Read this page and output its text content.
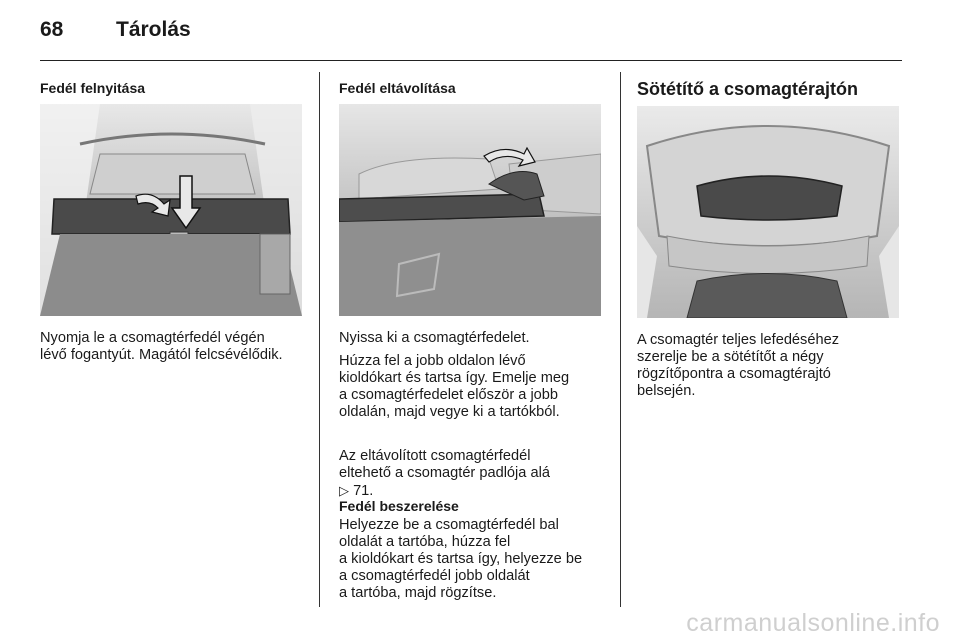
68	Tárolás
Fedél felnyitása
Nyomja le a csomagtérfedél végén
lévő fogantyút. Magától felcsévélődik.
Fedél eltávolítása
Nyissa ki a csomagtérfedelet.
Húzza fel a jobb oldalon lévő
kioldókart és tartsa így. Emelje meg
a csomagtérfedelet először a jobb
oldalán, majd vegye ki a tartókból.

Az eltávolított csomagtérfedél
eltehető a csomagtér padlója alá

▷ 71.

Fedél beszerelése
Helyezze be a csomagtérfedél bal
oldalát a tartóba, húzza fel
a kioldókart és tartsa így, helyezze be
a csomagtérfedél jobb oldalát
a tartóba, majd rögzítse.
Sötétítő a csomagtérajtón
A csomagtér teljes lefedéséhez
szerelje be a sötétítőt a négy
rögzítőpontra a csomagtérajtó
belsején.
carmanualsonline.info
